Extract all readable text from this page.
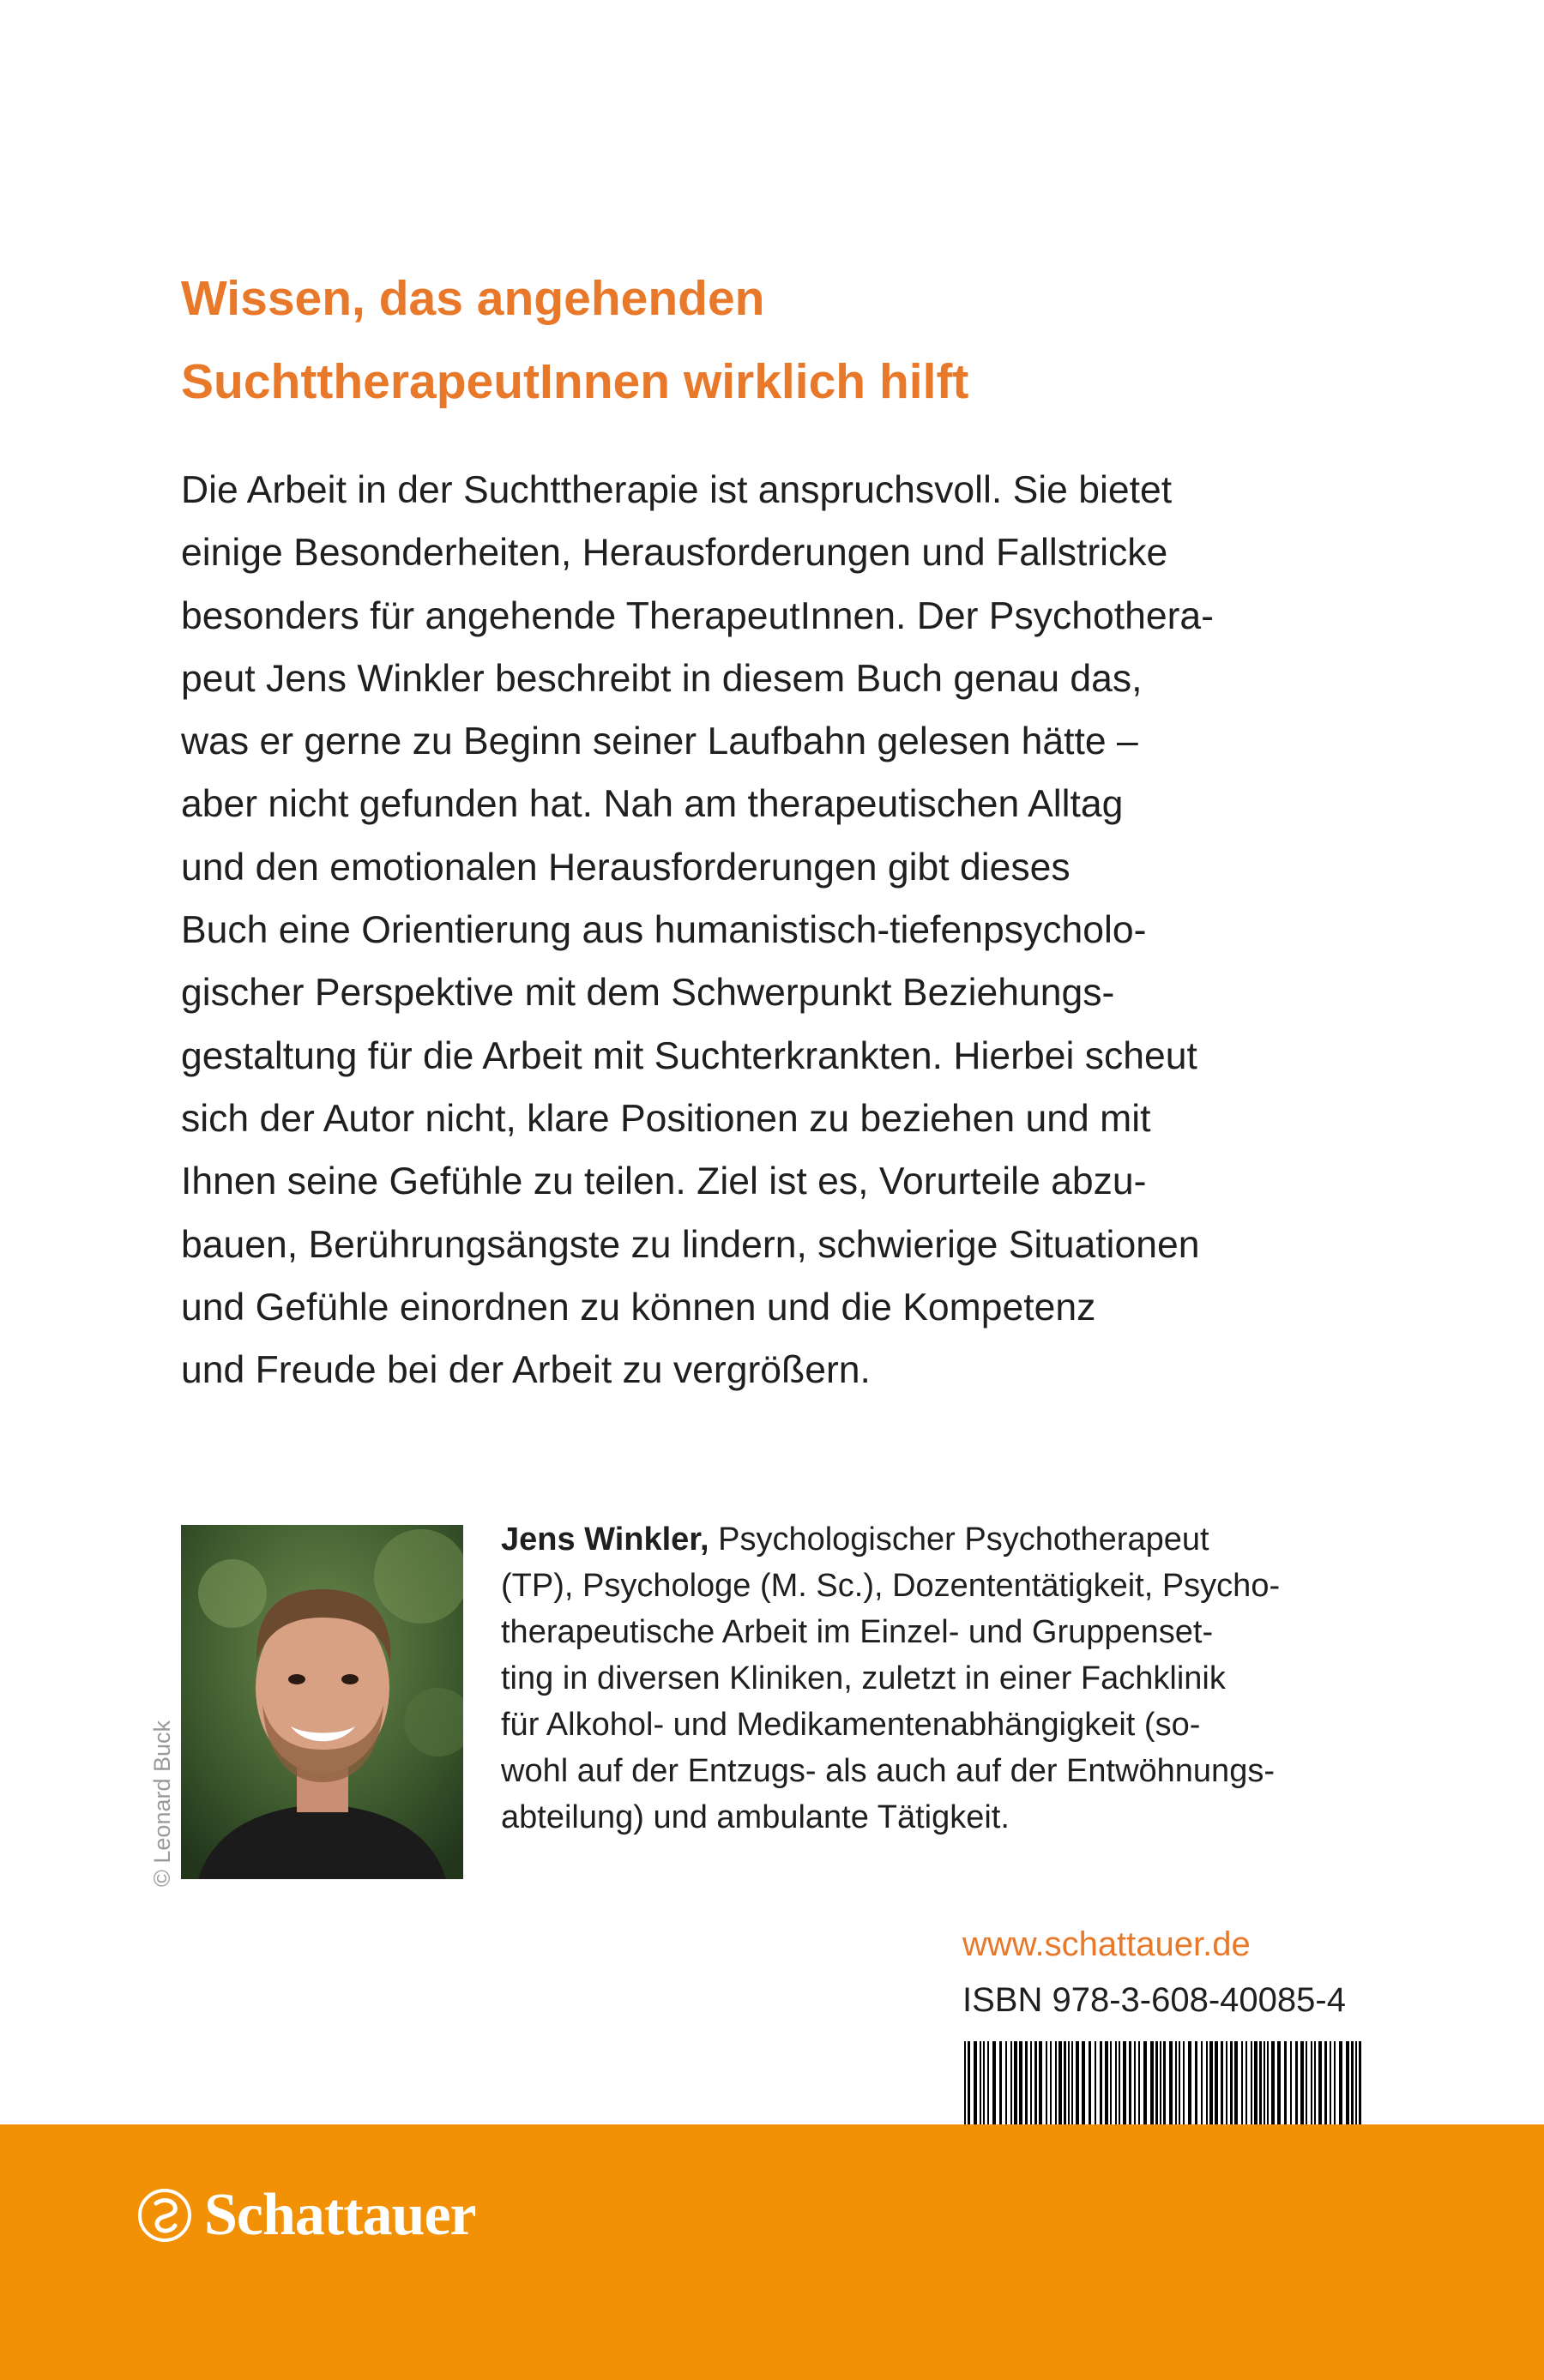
Wissen, das angehenden
SuchttherapeutInnen wirklich hilft
Die Arbeit in der Suchttherapie ist anspruchsvoll. Sie bietet
einige Besonderheiten, Herausforderungen und Fallstricke
besonders für angehende TherapeutInnen. Der Psychothera-
peut Jens Winkler beschreibt in diesem Buch genau das,
was er gerne zu Beginn seiner Laufbahn gelesen hätte –
aber nicht gefunden hat. Nah am therapeutischen Alltag
und den emotionalen Herausforderungen gibt dieses
Buch eine Orientierung aus humanistisch-tiefenpsycholo-
gischer Perspektive mit dem Schwerpunkt Beziehungs-
gestaltung für die Arbeit mit Suchterkrankten. Hierbei scheut
sich der Autor nicht, klare Positionen zu beziehen und mit
Ihnen seine Gefühle zu teilen. Ziel ist es, Vorurteile abzu-
bauen, Berührungsängste zu lindern, schwierige Situationen
und Gefühle einordnen zu können und die Kompetenz
und Freude bei der Arbeit zu vergrößern.
© Leonard Buck
Jens Winkler, Psychologischer Psychotherapeut
(TP), Psychologe (M. Sc.), Dozententätigkeit, Psycho-
therapeutische Arbeit im Einzel- und Gruppenset-
ting in diversen Kliniken, zuletzt in einer Fachklinik
für Alkohol- und Medikamentenabhängigkeit (so-
wohl auf der Entzugs- als auch auf der Entwöhnungs-
abteilung) und ambulante Tätigkeit.
www.schattauer.de
ISBN 978-3-608-40085-4
Schattauer
